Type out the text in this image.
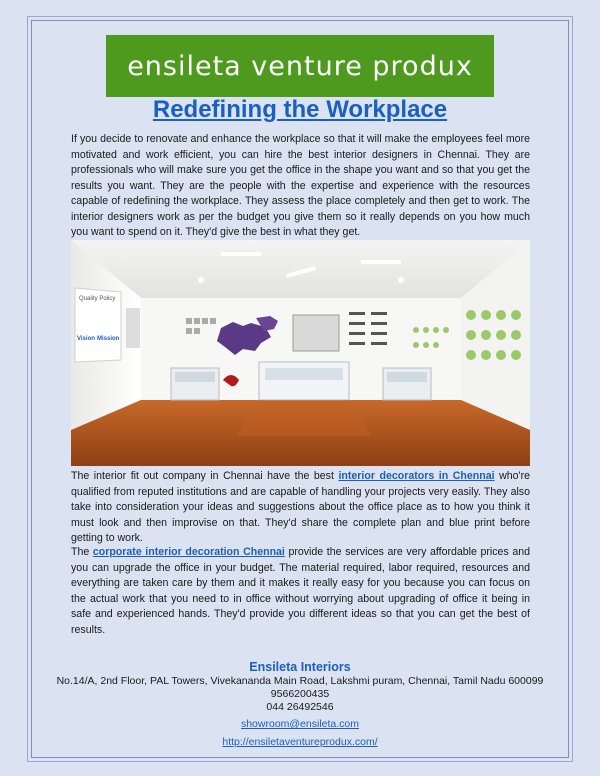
ensileta venture produx
Redefining the Workplace

If you decide to renovate and enhance the workplace so that it will make the employees feel more motivated and work efficient, you can hire the best interior designers in Chennai. They are professionals who will make sure you get the office in the shape you want and so that you get the results you want. They are the people with the expertise and experience with the resources capable of redefining the workplace. They assess the place completely and then get to work. The interior designers work as per the budget you give them so it really depends on you how much you want to spend on it. They'd give the best in what they get.

Quality Policy
Vision Mission

The interior fit out company in Chennai have the best interior decorators in Chennai who're qualified from reputed institutions and are capable of handling your projects very easily. They also take into consideration your ideas and suggestions about the office place as to how you think it must look and then improvise on that. They'd share the complete plan and blue print before getting to work.

The corporate interior decoration Chennai provide the services are very affordable prices and you can upgrade the office in your budget. The material required, labor required, resources and everything are taken care by them and it makes it really easy for you because you can focus on the actual work that you need to in office without worrying about upgrading of office it being in safe and experienced hands. They'd provide you different ideas so that you can get the best of results.

Ensileta Interiors
No.14/A, 2nd Floor, PAL Towers, Vivekananda Main Road, Lakshmi puram, Chennai, Tamil Nadu 600099
9566200435
044 26492546
showroom@ensileta.com
http://ensiletaventureprodux.com/
